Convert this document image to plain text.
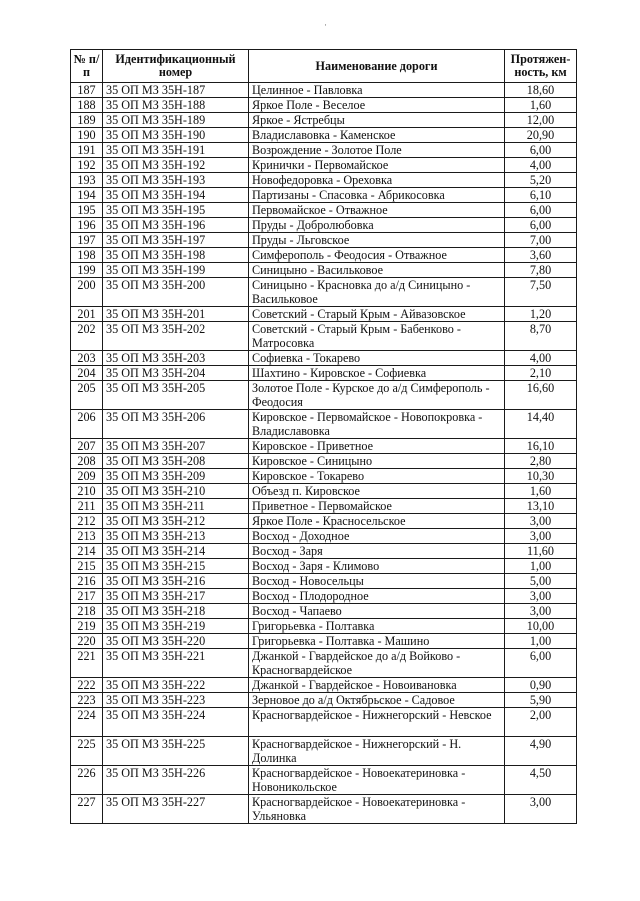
·
№ п/п	Идентификационный номер	Наименование дороги	Протяжен-ность, км
187	35 ОП МЗ 35Н-187	Целинное - Павловка	18,60
188	35 ОП МЗ 35Н-188	Яркое Поле - Веселое	1,60
189	35 ОП МЗ 35Н-189	Яркое - Ястребцы	12,00
190	35 ОП МЗ 35Н-190	Владиславовка - Каменское	20,90
191	35 ОП МЗ 35Н-191	Возрождение - Золотое Поле	6,00
192	35 ОП МЗ 35Н-192	Кринички - Первомайское	4,00
193	35 ОП МЗ 35Н-193	Новофедоровка - Ореховка	5,20
194	35 ОП МЗ 35Н-194	Партизаны - Спасовка - Абрикосовка	6,10
195	35 ОП МЗ 35Н-195	Первомайское - Отважное	6,00
196	35 ОП МЗ 35Н-196	Пруды - Добролюбовка	6,00
197	35 ОП МЗ 35Н-197	Пруды - Льговское	7,00
198	35 ОП МЗ 35Н-198	Симферополь - Феодосия - Отважное	3,60
199	35 ОП МЗ 35Н-199	Синицыно - Васильковое	7,80
200	35 ОП МЗ 35Н-200	Синицыно - Красновка до а/д Синицыно - Васильковое	7,50
201	35 ОП МЗ 35Н-201	Советский - Старый Крым - Айвазовское	1,20
202	35 ОП МЗ 35Н-202	Советский - Старый Крым - Бабенково - Матросовка	8,70
203	35 ОП МЗ 35Н-203	Софиевка - Токарево	4,00
204	35 ОП МЗ 35Н-204	Шахтино - Кировское - Софиевка	2,10
205	35 ОП МЗ 35Н-205	Золотое Поле - Курское до а/д Симферополь - Феодосия	16,60
206	35 ОП МЗ 35Н-206	Кировское - Первомайское - Новопокровка - Владиславовка	14,40
207	35 ОП МЗ 35Н-207	Кировское - Приветное	16,10
208	35 ОП МЗ 35Н-208	Кировское - Синицыно	2,80
209	35 ОП МЗ 35Н-209	Кировское - Токарево	10,30
210	35 ОП МЗ 35Н-210	Объезд п. Кировское	1,60
211	35 ОП МЗ 35Н-211	Приветное - Первомайское	13,10
212	35 ОП МЗ 35Н-212	Яркое Поле - Красносельское	3,00
213	35 ОП МЗ 35Н-213	Восход - Доходное	3,00
214	35 ОП МЗ 35Н-214	Восход - Заря	11,60
215	35 ОП МЗ 35Н-215	Восход - Заря - Климово	1,00
216	35 ОП МЗ 35Н-216	Восход - Новосельцы	5,00
217	35 ОП МЗ 35Н-217	Восход - Плодородное	3,00
218	35 ОП МЗ 35Н-218	Восход - Чапаево	3,00
219	35 ОП МЗ 35Н-219	Григорьевка - Полтавка	10,00
220	35 ОП МЗ 35Н-220	Григорьевка - Полтавка - Машино	1,00
221	35 ОП МЗ 35Н-221	Джанкой - Гвардейское до а/д Войково - Красногвардейское	6,00
222	35 ОП МЗ 35Н-222	Джанкой - Гвардейское - Новоивановка	0,90
223	35 ОП МЗ 35Н-223	Зерновое до а/д Октябрьское - Садовое	5,90
224	35 ОП МЗ 35Н-224	Красногвардейское - Нижнегорский - Невское	2,00
225	35 ОП МЗ 35Н-225	Красногвардейское - Нижнегорский - Н. Долинка	4,90
226	35 ОП МЗ 35Н-226	Красногвардейское - Новоекатериновка - Новоникольское	4,50
227	35 ОП МЗ 35Н-227	Красногвардейское - Новоекатериновка - Ульяновка	3,00
